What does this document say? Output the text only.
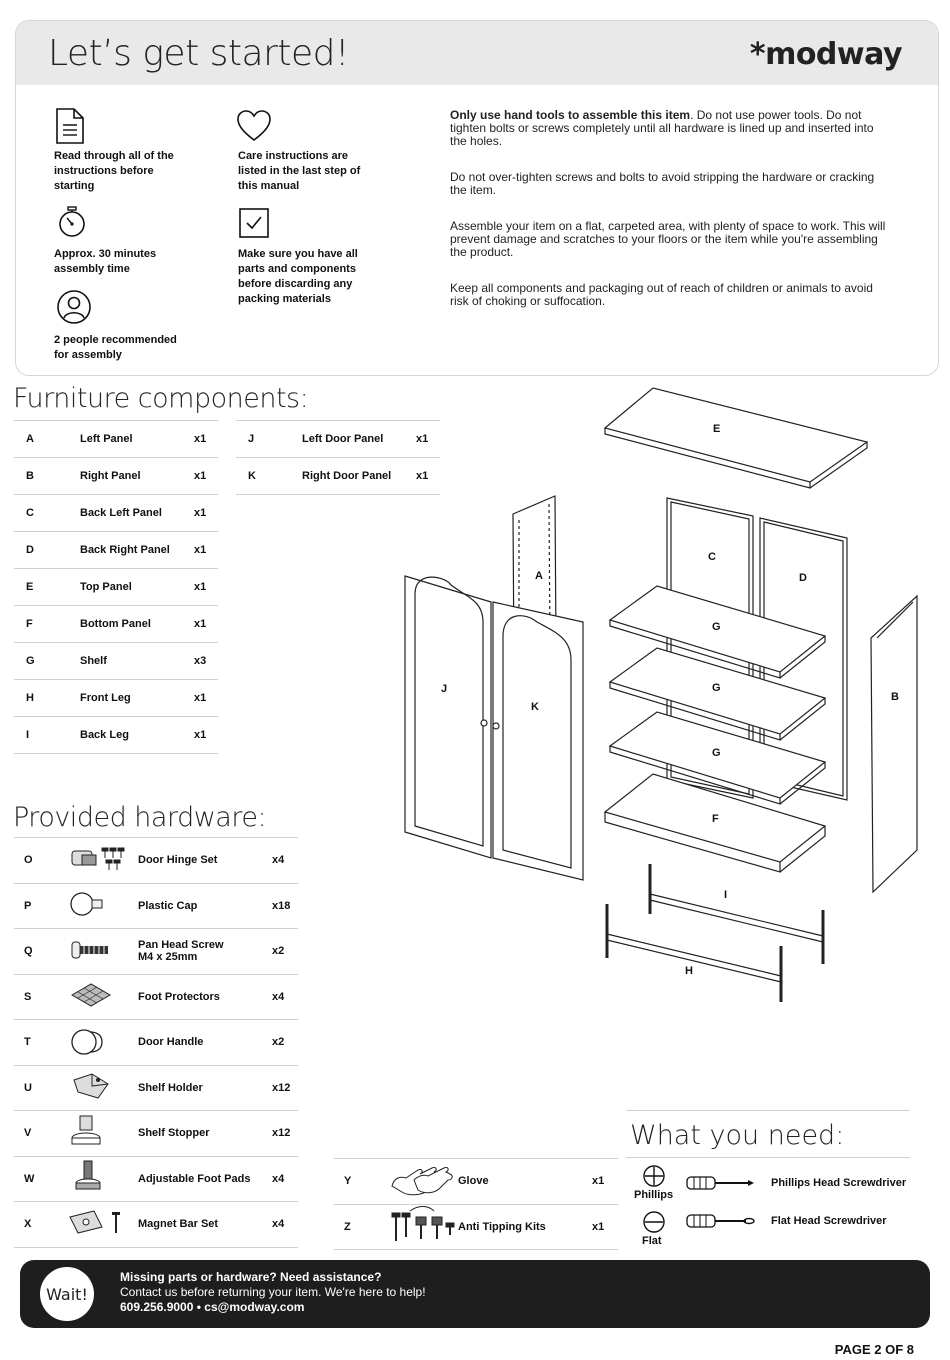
Let’s get started!	*modway
Read through all of the instructions before starting
Care instructions are listed in the last step of this manual
Approx. 30 minutes assembly time
Make sure you have all parts and components before discarding any packing materials
2 people recommended for assembly
Only use hand tools to assemble this item. Do not use power tools. Do not tighten bolts or screws completely until all hardware is lined up and inserted into the holes.
Do not over-tighten screws and bolts to avoid stripping the hardware or cracking the item.
Assemble your item on a flat, carpeted area, with plenty of space to work. This will prevent damage and scratches to your floors or the item while you're assembling the product.
Keep all components and packaging out of reach of children or animals to avoid risk of choking or suffocation.
Furniture components:
A	Left Panel	x1
B	Right Panel	x1
C	Back Left Panel	x1
D	Back Right Panel	x1
E	Top Panel	x1
F	Bottom Panel	x1
G	Shelf	x3
H	Front Leg	x1
I	Back Leg	x1
J	Left Door Panel	x1
K	Right Door Panel	x1
Provided hardware:
O		Door Hinge Set	x4
P		Plastic Cap	x18
Q		Pan Head Screw
M4 x 25mm	x2
S		Foot Protectors	x4
T		Door Handle	x2
U		Shelf Holder	x12
V		Shelf Stopper	x12
W		Adjustable Foot Pads	x4
X		Magnet Bar Set	x4
Y		Glove	x1
Z		Anti Tipping Kits	x1
What you need:
Phillips
Phillips Head Screwdriver
Flat
Flat Head Screwdriver
E
C
D
A
G
G
G
J
K
B
F
I
H
Wait!
Missing parts or hardware? Need assistance?
Contact us before returning your item. We're here to help!
609.256.9000 • cs@modway.com
PAGE 2 OF 8
